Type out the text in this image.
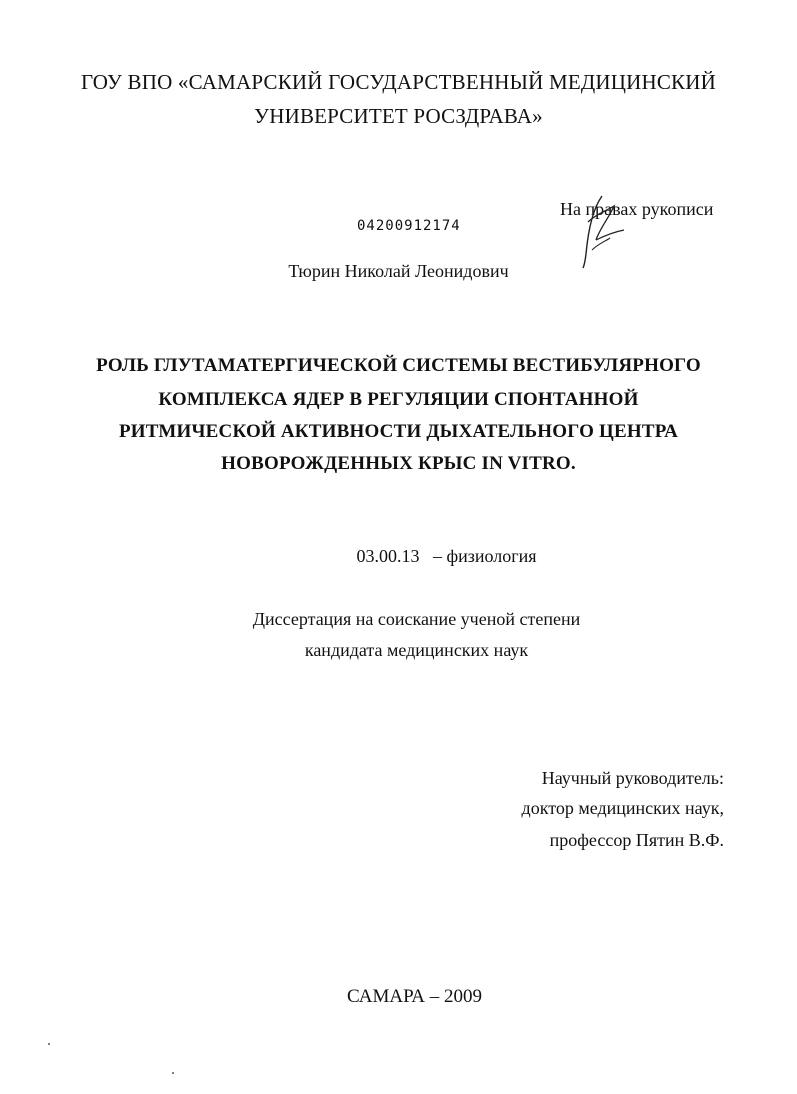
ГОУ ВПО «САМАРСКИЙ ГОСУДАРСТВЕННЫЙ МЕДИЦИНСКИЙ
УНИВЕРСИТЕТ РОСЗДРАВА»
На правах рукописи
04200912174
Тюрин Николай Леонидович
РОЛЬ ГЛУТАМАТЕРГИЧЕСКОЙ СИСТЕМЫ ВЕСТИБУЛЯРНОГО
КОМПЛЕКСА ЯДЕР В РЕГУЛЯЦИИ СПОНТАННОЙ
РИТМИЧЕСКОЙ АКТИВНОСТИ ДЫХАТЕЛЬНОГО ЦЕНТРА
НОВОРОЖДЕННЫХ КРЫС IN VITRO.
03.00.13 – физиология
Диссертация на соискание ученой степени
кандидата медицинских наук
Научный руководитель:
доктор медицинских наук,
профессор Пятин В.Ф.
САМАРА – 2009
